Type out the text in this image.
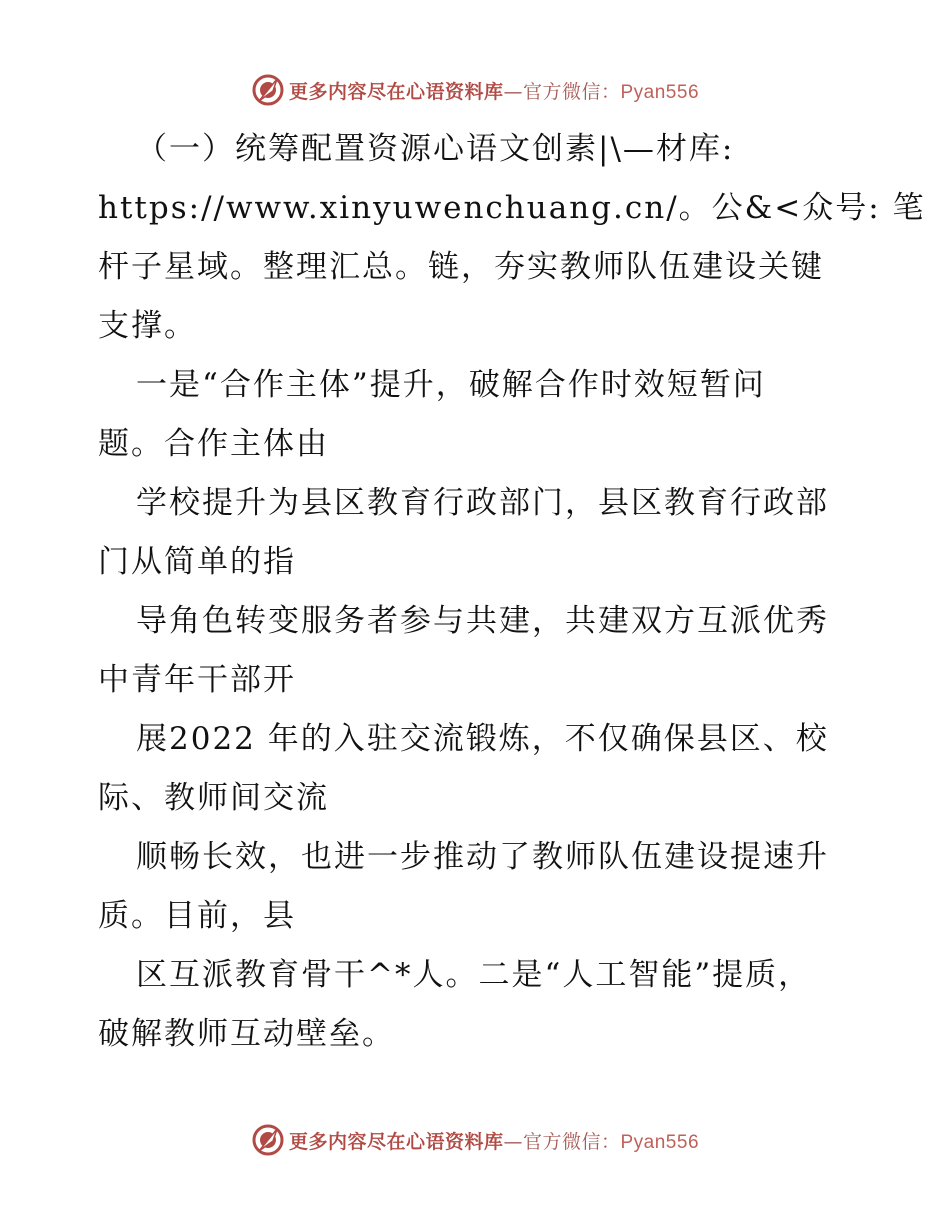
更多内容尽在心语资料库—官方微信：Pyan556
（一）统筹配置资源心语文创素|\—材库:
https://www.xinyuwenchuang.cn/。公&<众号: 笔
杆子星域。整理汇总。链，夯实教师队伍建设关键
支撑。
一是“合作主体”提升，破解合作时效短暂问
题。合作主体由
学校提升为县区教育行政部门，县区教育行政部
门从简单的指
导角色转变服务者参与共建，共建双方互派优秀
中青年干部开
展2022 年的入驻交流锻炼，不仅确保县区、校
际、教师间交流
顺畅长效，也进一步推动了教师队伍建设提速升
质。目前，县
区互派教育骨干^*人。二是“人工智能”提质，
破解教师互动壁垒。
更多内容尽在心语资料库—官方微信：Pyan556
